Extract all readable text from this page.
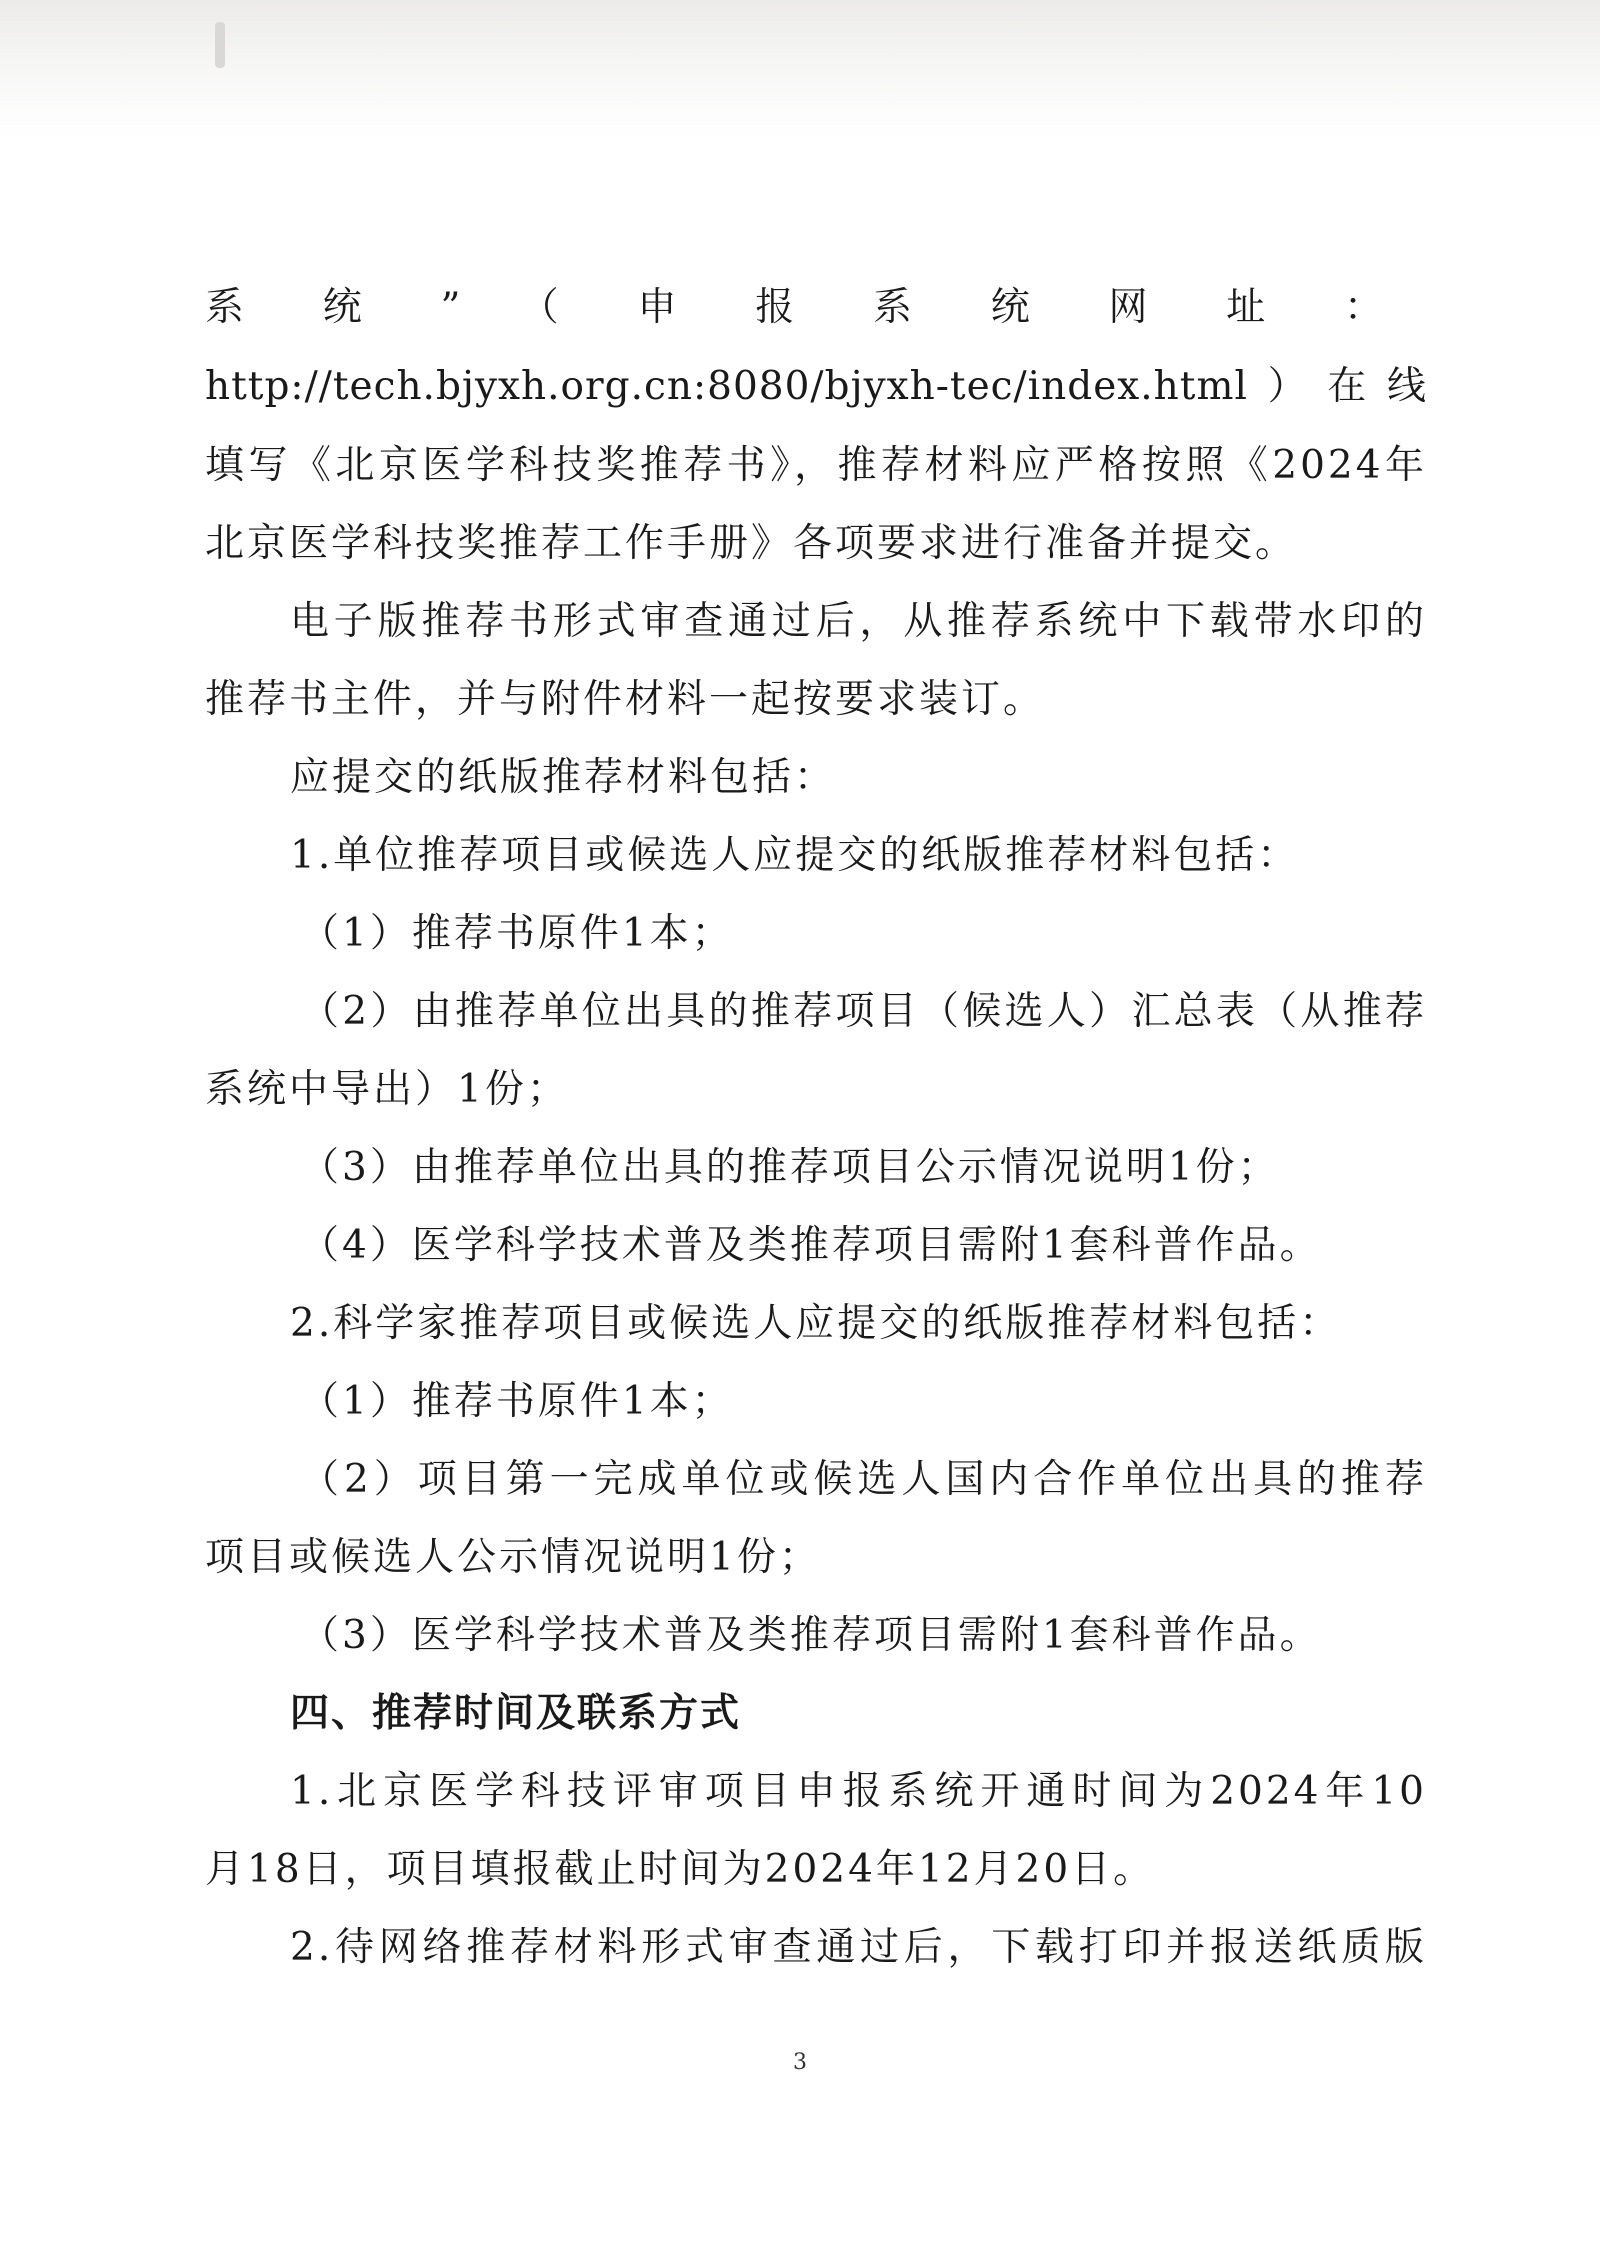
系统”（申报系统网址：
http://tech.bjyxh.org.cn:8080/bjyxh-tec/index.html）在线
填写《北京医学科技奖推荐书》，推荐材料应严格按照《2024年
北京医学科技奖推荐工作手册》各项要求进行准备并提交。
电子版推荐书形式审查通过后，从推荐系统中下载带水印的
推荐书主件，并与附件材料一起按要求装订。
应提交的纸版推荐材料包括：
1.单位推荐项目或候选人应提交的纸版推荐材料包括：
（1）推荐书原件1本；
（2）由推荐单位出具的推荐项目（候选人）汇总表（从推荐
系统中导出）1份；
（3）由推荐单位出具的推荐项目公示情况说明1份；
（4）医学科学技术普及类推荐项目需附1套科普作品。
2.科学家推荐项目或候选人应提交的纸版推荐材料包括：
（1）推荐书原件1本；
（2）项目第一完成单位或候选人国内合作单位出具的推荐
项目或候选人公示情况说明1份；
（3）医学科学技术普及类推荐项目需附1套科普作品。
四、推荐时间及联系方式
1.北京医学科技评审项目申报系统开通时间为2024年10
月18日，项目填报截止时间为2024年12月20日。
2.待网络推荐材料形式审查通过后，下载打印并报送纸质版
3
